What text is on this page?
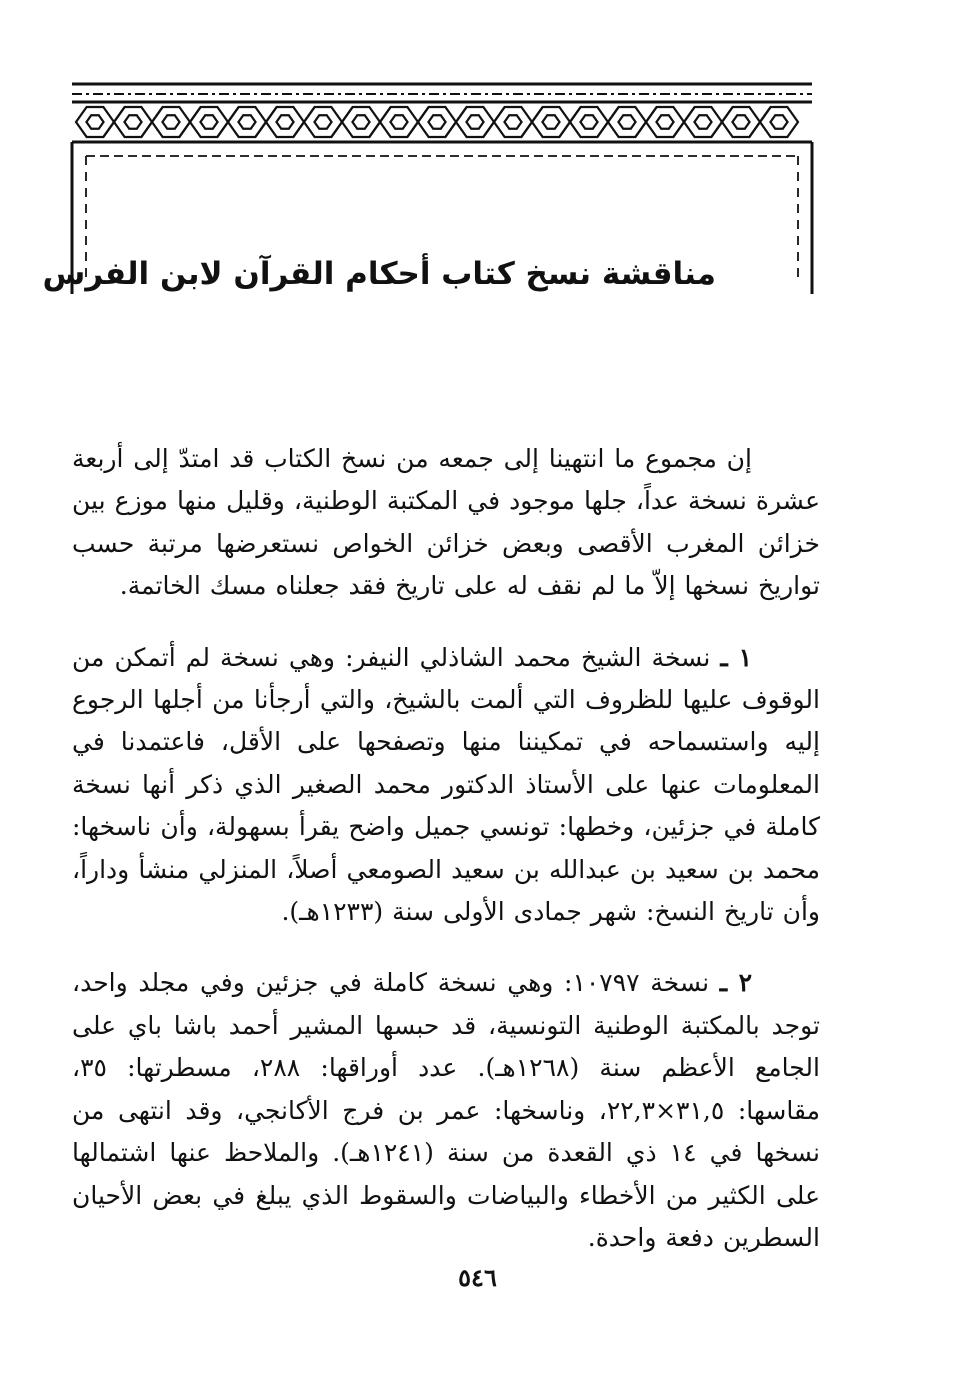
مناقشة نسخ كتاب أحكام القرآن لابن الفرس

إن مجموع ما انتهينا إلى جمعه من نسخ الكتاب قد امتدّ إلى أربعة عشرة نسخة عداً، جلها موجود في المكتبة الوطنية، وقليل منها موزع بين خزائن المغرب الأقصى وبعض خزائن الخواص نستعرضها مرتبة حسب تواريخ نسخها إلاّ ما لم نقف له على تاريخ فقد جعلناه مسك الخاتمة.

١ ـ نسخة الشيخ محمد الشاذلي النيفر: وهي نسخة لم أتمكن من الوقوف عليها للظروف التي ألمت بالشيخ، والتي أرجأنا من أجلها الرجوع إليه واستسماحه في تمكيننا منها وتصفحها على الأقل، فاعتمدنا في المعلومات عنها على الأستاذ الدكتور محمد الصغير الذي ذكر أنها نسخة كاملة في جزئين، وخطها: تونسي جميل واضح يقرأ بسهولة، وأن ناسخها: محمد بن سعيد بن عبدالله بن سعيد الصومعي أصلاً، المنزلي منشأ وداراً، وأن تاريخ النسخ: شهر جمادى الأولى سنة (١٢٣٣هـ).

٢ ـ نسخة ١٠٧٩٧: وهي نسخة كاملة في جزئين وفي مجلد واحد، توجد بالمكتبة الوطنية التونسية، قد حبسها المشير أحمد باشا باي على الجامع الأعظم سنة (١٢٦٨هـ). عدد أوراقها: ٢٨٨، مسطرتها: ٣٥، مقاسها: ٣١,٥×٢٢,٣، وناسخها: عمر بن فرج الأكانجي، وقد انتهى من نسخها في ١٤ ذي القعدة من سنة (١٢٤١هـ). والملاحظ عنها اشتمالها على الكثير من الأخطاء والبياضات والسقوط الذي يبلغ في بعض الأحيان السطرين دفعة واحدة.

٥٤٦
